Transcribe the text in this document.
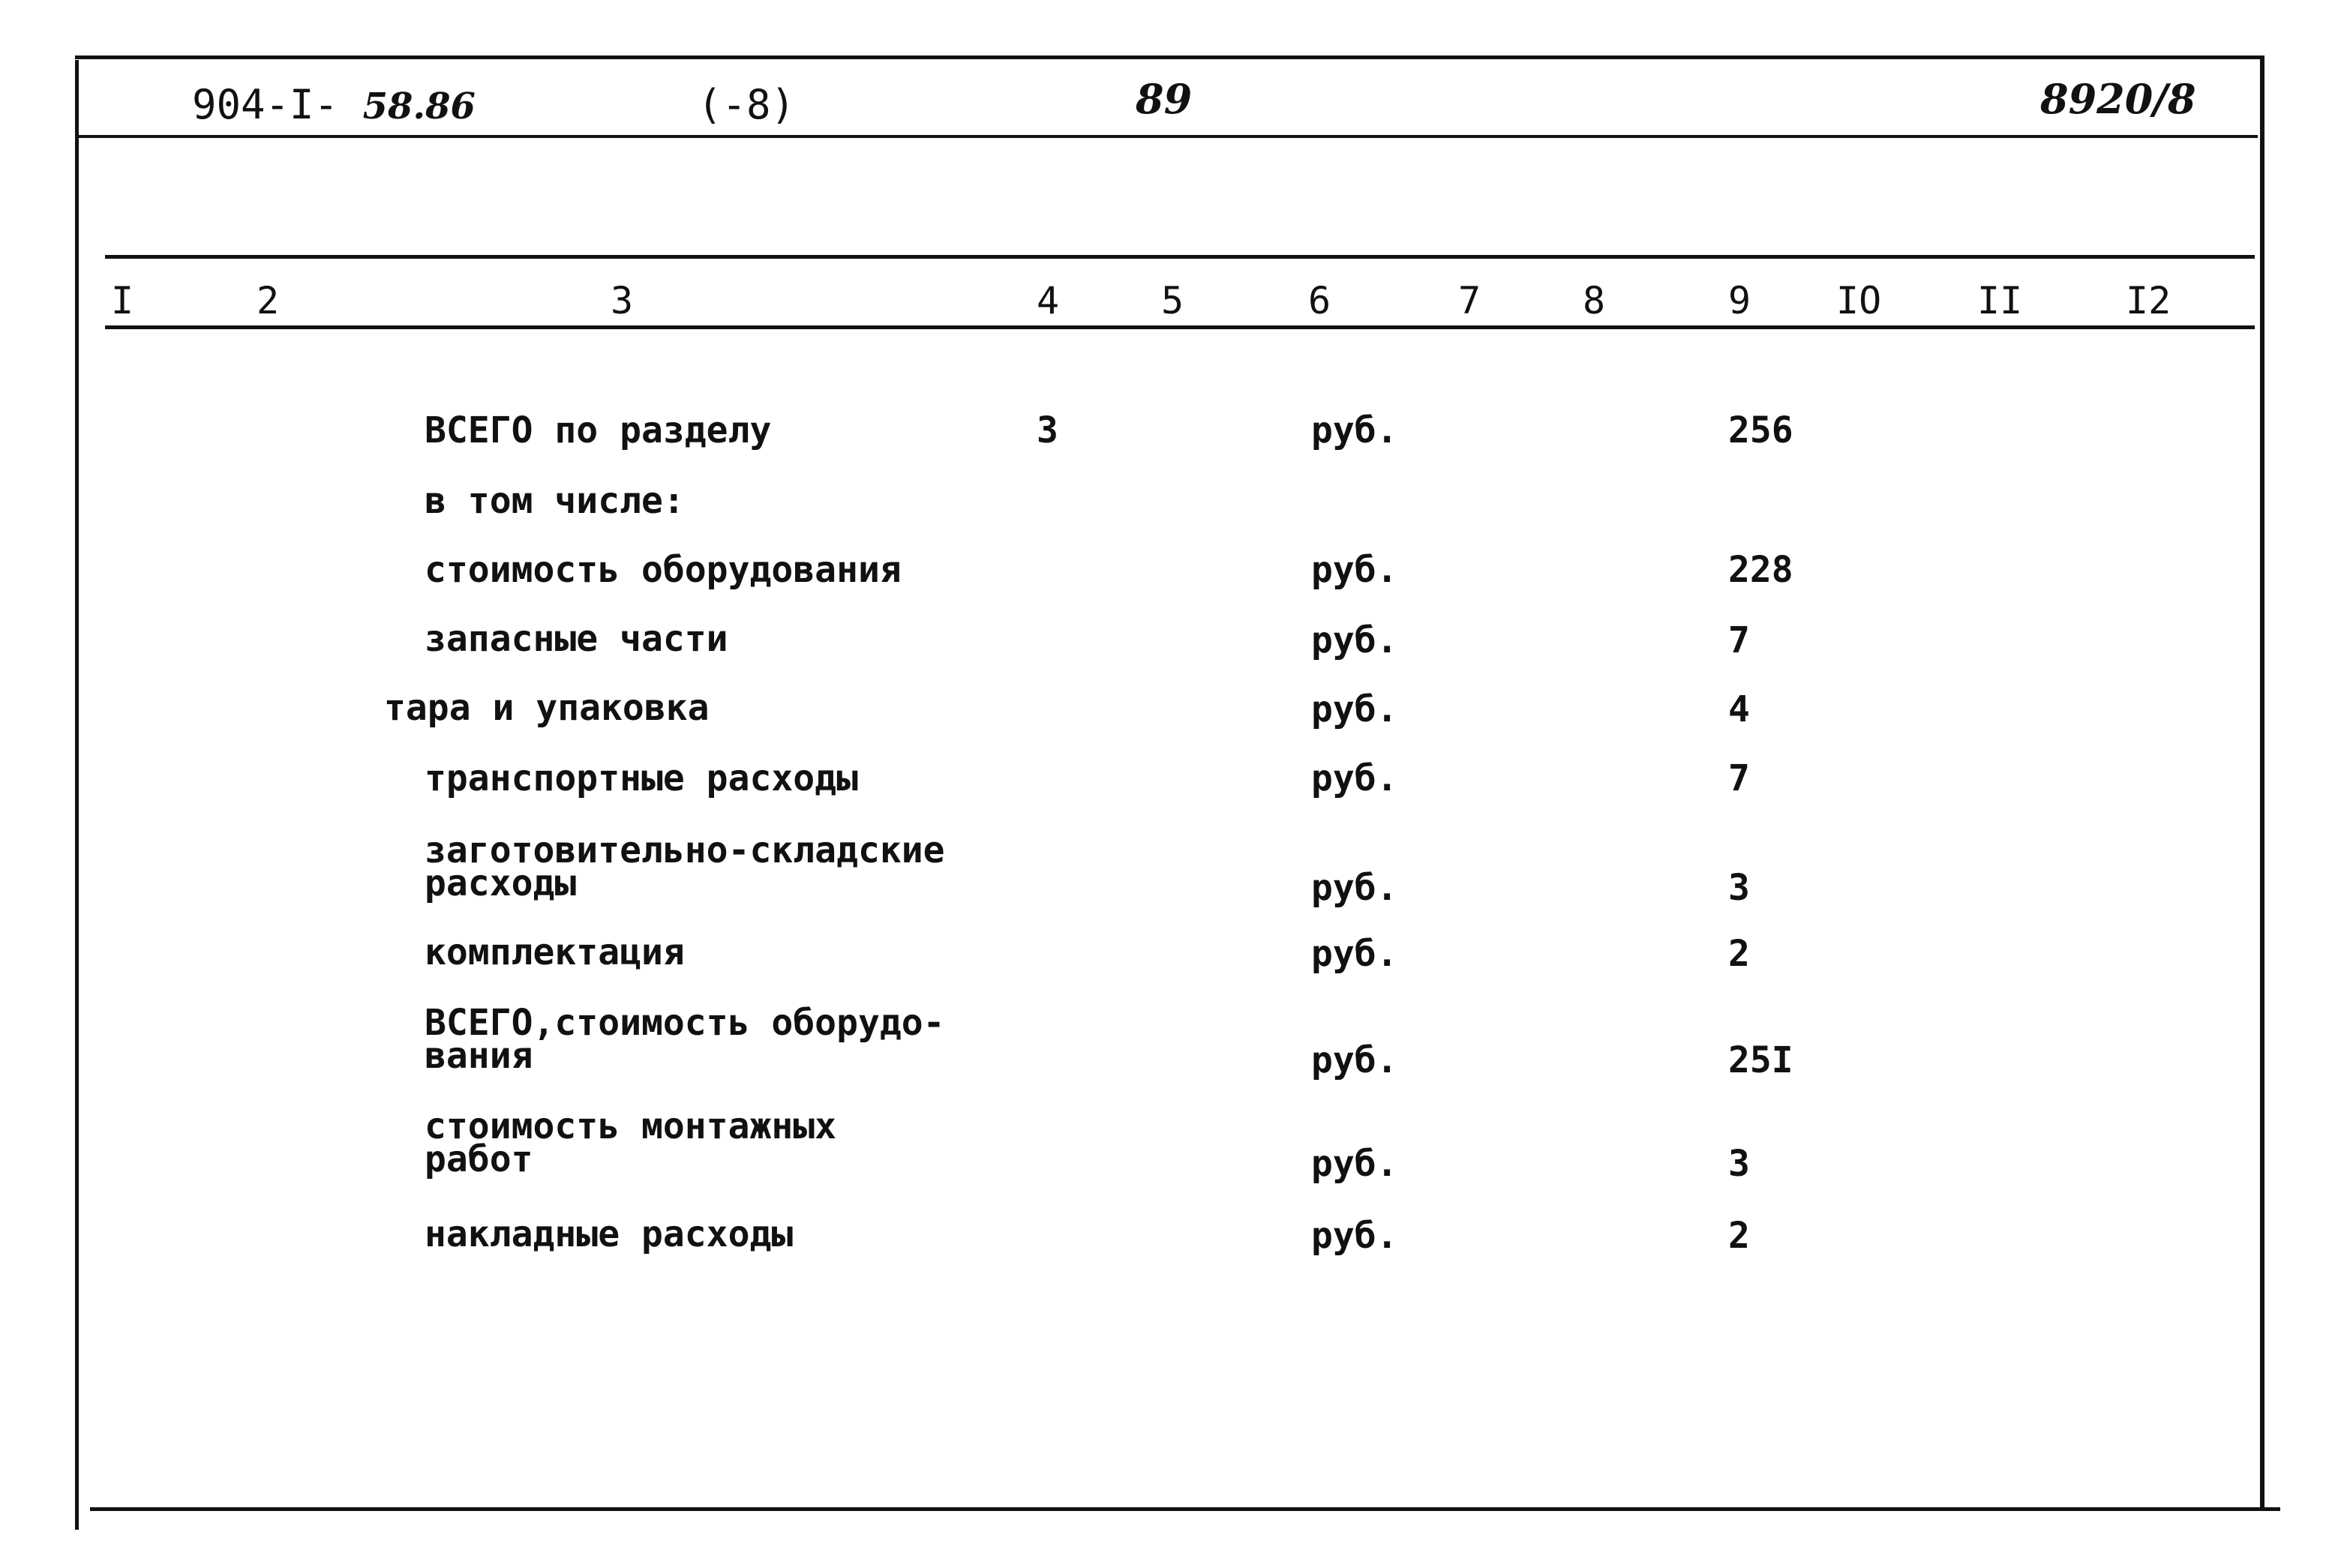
904-I- 58.86	(-8)	89	8920/8
I	2	3	4	5	6	7	8	9 IO	II	I2
ВСЕГО по разделу	3	руб.	256
в том числе:
стоимость оборудования	руб.	228
запасные части	руб.	7
тара и упаковка	руб.	4
транспортные расходы	руб.	7
заготовительно-складские
расходы	руб.	3
комплектация	руб.	2
ВСЕГО,стоимость оборудо-
вания	руб.	25I
стоимость монтажных
работ	руб.	3
накладные расходы	руб.	2
